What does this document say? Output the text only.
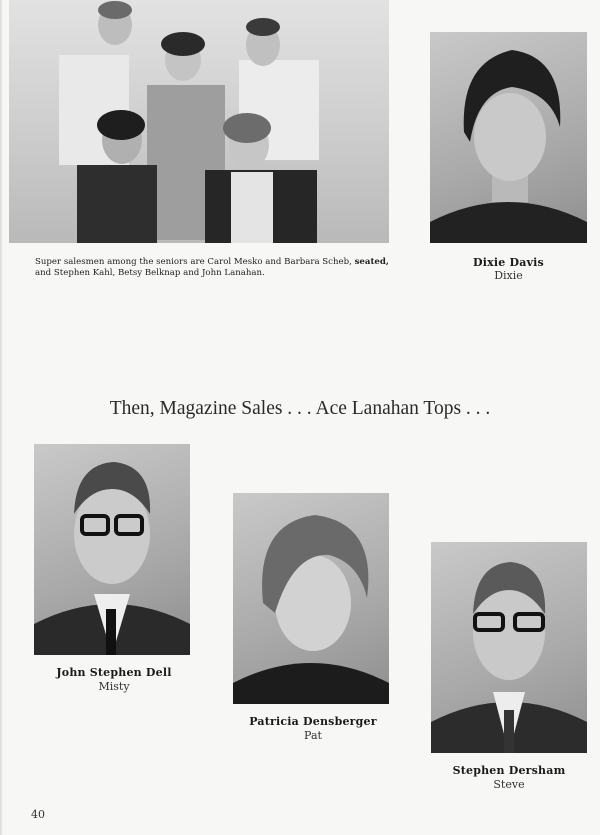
Super salesmen among the seniors are Carol Mesko and Barbara Scheb, seated, and Stephen Kahl, Betsy Belknap and John Lanahan.
Dixie Davis
Dixie
Then, Magazine Sales . . . Ace Lanahan Tops . . .
John Stephen Dell
Misty
Patricia Densberger
Pat
Stephen Dersham
Steve
40
